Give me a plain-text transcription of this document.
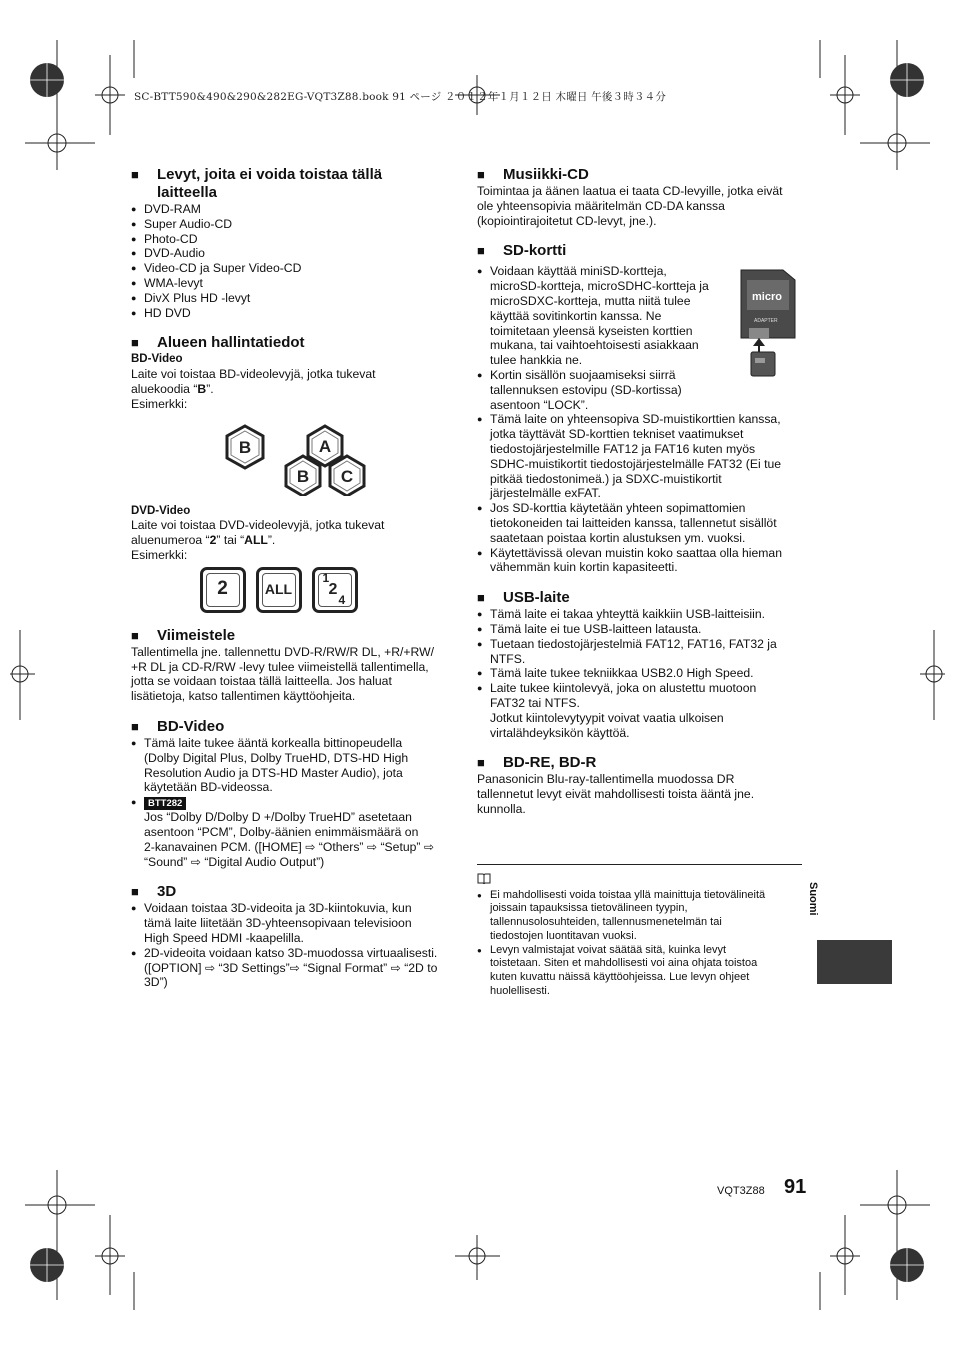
SC-BTT590&490&290&282EG-VQT3Z88.book 91 ページ ２０１２年１月１２日 木曜日 午後３時３４分
■ Levyt, joita ei voida toistaa tällä
laitteella
● DVD-RAM
● Super Audio-CD
● Photo-CD
● DVD-Audio
● Video-CD ja Super Video-CD
● WMA-levyt
● DivX Plus HD -levyt
● HD DVD
■ Alueen hallintatiedot
BD-Video

Laite voi toistaa BD-videolevyjä, jotka tukevat
aluekoodia “B”.
Esimerkki:

B	A
B C
DVD-Video

Laite voi toistaa DVD-videolevyjä, jotka tukevat
aluenumeroa “2” tai “ALL”.
Esimerkki:

2	ALL
1
2
4
■ Viimeistele

Tallentimella jne. tallennettu DVD-R/RW/R DL, +R/+RW/
+R DL ja CD-R/RW -levy tulee viimeistellä tallentimella,
jotta se voidaan toistaa tällä laitteella. Jos haluat
lisätietoja, katso tallentimen käyttöohjeita.

■ BD-Video
● Tämä laite tukee ääntä korkealla bittinopeudella
(Dolby Digital Plus, Dolby TrueHD, DTS-HD High
Resolution Audio ja DTS-HD Master Audio), jota
käytetään BD-videossa.
● BTT282
Jos “Dolby D/Dolby D +/Dolby TrueHD” asetetaan
asentoon “PCM”, Dolby-äänien enimmäismäärä on
2-kanavainen PCM. ([HOME] ⇨ “Others” ⇨ “Setup” ⇨
“Sound” ⇨ “Digital Audio Output”)
■ 3D
● Voidaan toistaa 3D-videoita ja 3D-kiintokuvia, kun
tämä laite liitetään 3D-yhteensopivaan televisioon
High Speed HDMI -kaapelilla.
● 2D-videoita voidaan katso 3D-muodossa virtuaalisesti.
([OPTION] ⇨ “3D Settings”⇨ “Signal Format” ⇨ “2D to
3D”)
■ Musiikki-CD

Toimintaa ja äänen laatua ei taata CD-levyille, jotka eivät
ole yhteensopivia määritelmän CD-DA kanssa
(kopiointirajoitetut CD-levyt, jne.).

■ SD-kortti
micro
ADAPTER
● Voidaan käyttää miniSD-kortteja,
microSD-kortteja, microSDHC-kortteja ja
microSDXC-kortteja, mutta niitä tulee
käyttää sovitinkortin kanssa. Ne
toimitetaan yleensä kyseisten korttien
mukana, tai vaihtoehtoisesti asiakkaan
tulee hankkia ne.
● Kortin sisällön suojaamiseksi siirrä
tallennuksen estovipu (SD-kortissa)
asentoon “LOCK”.
● Tämä laite on yhteensopiva SD-muistikorttien kanssa,
jotka täyttävät SD-korttien tekniset vaatimukset
tiedostojärjestelmille FAT12 ja FAT16 kuten myös
SDHC-muistikortit tiedostojärjestelmälle FAT32 (Ei tue
pitkää tiedostonimeä.) ja SDXC-muistikortit
järjestelmälle exFAT.
● Jos SD-korttia käytetään yhteen sopimattomien
tietokoneiden tai laitteiden kanssa, tallennetut sisällöt
saatetaan poistaa kortin alustuksen ym. vuoksi.
● Käytettävissä olevan muistin koko saattaa olla hieman
vähemmän kuin kortin kapasiteetti.
■ USB-laite
● Tämä laite ei takaa yhteyttä kaikkiin USB-laitteisiin.
● Tämä laite ei tue USB-laitteen latausta.
● Tuetaan tiedostojärjestelmiä FAT12, FAT16, FAT32 ja
NTFS.
● Tämä laite tukee tekniikkaa USB2.0 High Speed.
● Laite tukee kiintolevyä, joka on alustettu muotoon
FAT32 tai NTFS.
Jotkut kiintolevytyypit voivat vaatia ulkoisen
virtalähdeyksikön käyttöä.
■ BD-RE, BD-R

Panasonicin Blu-ray-tallentimella muodossa DR
tallennetut levyt eivät mahdollisesti toista ääntä jne.
kunnolla.

● Ei mahdollisesti voida toistaa yllä mainittuja tietovälineitä
joissain tapauksissa tietovälineen tyypin,
tallennusolosuhteiden, tallennusmenetelmän tai
tiedostojen luontitavan vuoksi.
● Levyn valmistajat voivat säätää sitä, kuinka levyt
toistetaan. Siten et mahdollisesti voi aina ohjata toistoa
kuten kuvattu näissä käyttöohjeissa. Lue levyn ohjeet
huolellisesti.
Suomi
VQT3Z88 91
